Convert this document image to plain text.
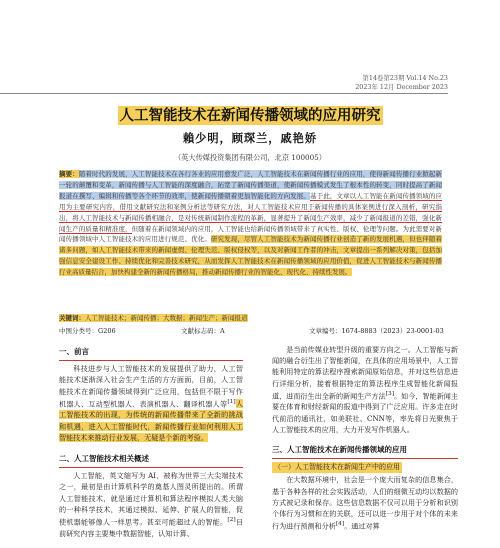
第14卷第23期 Vol.14 No.23
2023年 12月 December 2023
人工智能技术在新闻传播领域的应用研究
賴少明，顾琛兰，戚艳娇
（英大传媒投资集团有限公司，北京 100005）

摘要：随着时代的发展，人工智能技术在各行各业的应用愈发广泛，人工智能技术在新闻传播行业的应用，使得新闻传播行业掀起新一轮的颠覆和变革，新闻传播与人工智能的深度融合，拓宽了新闻传播渠道，使新闻传播模式发生了根本性的转变，同时提高了新闻报道在撰写、编辑和传播等各个环节的效率，使新闻传播朝着更加智能化的方向发展。基于此，文章以人工智能在新闻传播领域的应用为主要研究内容，借用文献研究法和案例分析法等研究方法，对人工智能技术应用于新闻传播的具体案例进行深入剖析，研究指出，将人工智能技术与新闻传播相融合，是对传统新闻制作流程的革新，显著提升了新闻生产效率，减少了新闻报道的差错，强化新闻生产的质量和精准度，但随着在新闻领域内的应用，人工智能也给新闻传播领域带来了真实性、版权、伦理等问题。为此需要对新闻传播领域中人工智能技术的应用进行规范、优化。研究发现，尽管人工智能技术为新闻传播行业创造了新的发展机遇，但也伴随着诸多问题，如人工智能技术带来的新闻虚假、伦理失范、版权侵权等，以及对新闻工作者的冲击，文章提出一系列解决对策，包括加强信息安全建设工作、持续优化和完善技术研究，从而发挥人工智能技术在新闻传播领域的应用价值，促进人工智能技术与新闻传播行业高质量结合，加快构建全新的新闻传播格局，推动新闻传播行业的智能化、现代化、持续性发展。

关键词：人工智能技术；新闻传播；大数据；新闻生产；新闻报道

中图分类号：G206	文献标志码：A	文章编号：1674-8883（2023）23-0001-03
一、前言

科技进步与人工智能技术的发展提供了助力，人工智能技术逐渐深入社会生产生活的方方面面，目前，人工智能技术在新闻传播领域得到广泛应用，包括但不限于写作机器人、互动型机器人、表演机器人、翻译机器人等[1]人工智能技术的出现，为传统的新闻传播带来了全新的挑战和机遇，进入人工智能时代，新闻传播行业如何利用人工智能技术来推动行业发展，无疑是个新的考验。

二、人工智能技术相关概述

人工智能，英文缩写为 AI，被称为世界三大尖端技术之一，最初是由计算机科学的奠基人图灵所提出的。所谓人工智能技术，就是通过计算机和算法程序模拟人类大脑的一种科学技术，其通过模拟、延伸、扩展人的智能，促使机器能够像人一样思考。甚至可能超过人的智能。[2]目前研究内容主要集中数据智能，认知计算、

是当前传媒业转型升级的重要方向之一。人工智能与新闻的融合衍生出了智能新闻，在具体的应用场景中，人工智能利用特定的算法程序搜索新闻原始信息，并对这些信息进行详细分析，接着根据特定的算法程序生成智能化新闻报道，进而衍生出全新的新闻生产方法[3]。如今，智能新闻主要在体育和财经新闻的报道中得到了广泛应用。许多走在时代前沿的通讯社，如美联社、CNN等，率先将日光聚焦于人工智能技术的应用，大力开发写作机器人。

三、人工智能技术在新闻传播领域的应用
（一）人工智能技术在新闻生产中的应用

在大数据环境中，社会是一个庞大而复杂的信息集合，基于各种各样的社会实践活动，人们的细微互动均以数据的方式被记录和保存。这些信息数据不仅可以用于分析和识别个体行为习惯和在的关联，还可以进一步用于对个体的未来行为进行预测和分析[4]。通过对算
